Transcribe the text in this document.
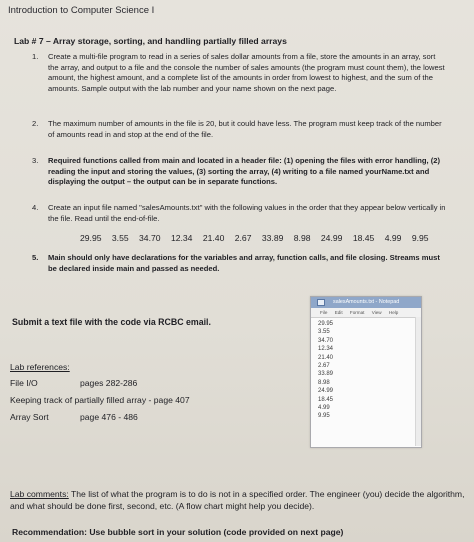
Introduction to Computer Science I
Lab # 7 – Array storage, sorting, and handling partially filled arrays
1. Create a multi-file program to read in a series of sales dollar amounts from a file, store the amounts in an array, sort the array, and output to a file and the console the number of sales amounts (the program must count them), the lowest amount, the highest amount, and a complete list of the amounts in order from lowest to highest, and the sum of the amounts. Sample output with the lab number and your name shown on the next page.
2. The maximum number of amounts in the file is 20, but it could have less. The program must keep track of the number of amounts read in and stop at the end of the file.
3. Required functions called from main and located in a header file: (1) opening the files with error handling, (2) reading the input and storing the values, (3) sorting the array, (4) writing to a file named yourName.txt and displaying the output – the output can be in separate functions.
4. Create an input file named "salesAmounts.txt" with the following values in the order that they appear below vertically in the file. Read until the end-of-file.
5. Main should only have declarations for the variables and array, function calls, and file closing. Streams must be declared inside main and passed as needed.
29.95 3.55 34.70 12.34 21.40 2.67 33.89 8.98 24.99 18.45 4.99 9.95
Submit a text file with the code via RCBC email.
Lab references:
File I/O	pages 282-286
Keeping track of partially filled array - page 407
Array Sort	page 476 - 486
salesAmounts.txt - Notepad
File Edit Format View Help
29.95
3.55
34.70
12.34
21.40
2.67
33.89
8.98
24.99
18.45
4.99
9.95
Lab comments: The list of what the program is to do is not in a specified order. The engineer (you) decide the algorithm, and what should be done first, second, etc. (A flow chart might help you decide).
Recommendation: Use bubble sort in your solution (code provided on next page)
